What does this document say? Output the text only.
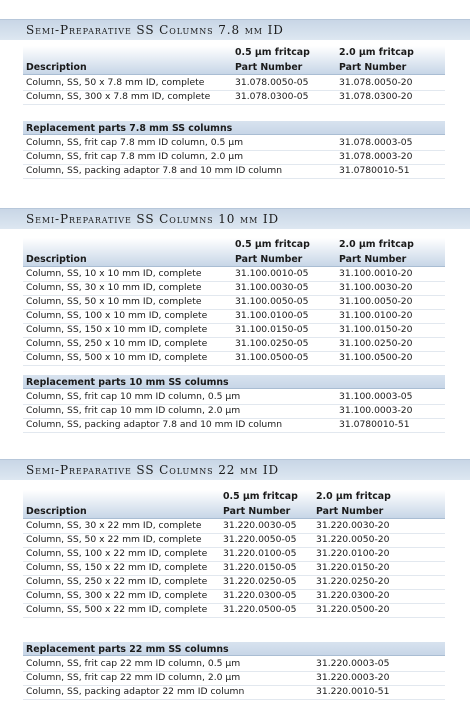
Semi-Preparative SS Columns 7.8 mm ID
0.5 µm fritcap	2.0 µm fritcap
Description	Part Number	Part Number
Column, SS, 50 x 7.8 mm ID, complete	31.078.0050-05	31.078.0050-20
Column, SS, 300 x 7.8 mm ID, complete	31.078.0300-05	31.078.0300-20
Replacement parts 7.8 mm SS columns
Column, SS, frit cap 7.8 mm ID column, 0.5 µm	31.078.0003-05
Column, SS, frit cap 7.8 mm ID column, 2.0 µm	31.078.0003-20
Column, SS, packing adaptor 7.8 and 10 mm ID column	31.0780010-51
Semi-Preparative SS Columns 10 mm ID
0.5 µm fritcap	2.0 µm fritcap
Description	Part Number	Part Number
Column, SS, 10 x 10 mm ID, complete	31.100.0010-05	31.100.0010-20
Column, SS, 30 x 10 mm ID, complete	31.100.0030-05	31.100.0030-20
Column, SS, 50 x 10 mm ID, complete	31.100.0050-05	31.100.0050-20
Column, SS, 100 x 10 mm ID, complete	31.100.0100-05	31.100.0100-20
Column, SS, 150 x 10 mm ID, complete	31.100.0150-05	31.100.0150-20
Column, SS, 250 x 10 mm ID, complete	31.100.0250-05	31.100.0250-20
Column, SS, 500 x 10 mm ID, complete	31.100.0500-05	31.100.0500-20
Replacement parts 10 mm SS columns
Column, SS, frit cap 10 mm ID column, 0.5 µm	31.100.0003-05
Column, SS, frit cap 10 mm ID column, 2.0 µm	31.100.0003-20
Column, SS, packing adaptor 7.8 and 10 mm ID column	31.0780010-51
Semi-Preparative SS Columns 22 mm ID
0.5 µm fritcap 2.0 µm fritcap
Description	Part Number	Part Number
Column, SS, 30 x 22 mm ID, complete 31.220.0030-05 31.220.0030-20
Column, SS, 50 x 22 mm ID, complete 31.220.0050-05 31.220.0050-20
Column, SS, 100 x 22 mm ID, complete 31.220.0100-05 31.220.0100-20
Column, SS, 150 x 22 mm ID, complete 31.220.0150-05 31.220.0150-20
Column, SS, 250 x 22 mm ID, complete 31.220.0250-05 31.220.0250-20
Column, SS, 300 x 22 mm ID, complete 31.220.0300-05 31.220.0300-20
Column, SS, 500 x 22 mm ID, complete 31.220.0500-05 31.220.0500-20
Replacement parts 22 mm SS columns
Column, SS, frit cap 22 mm ID column, 0.5 µm	31.220.0003-05
Column, SS, frit cap 22 mm ID column, 2.0 µm	31.220.0003-20
Column, SS, packing adaptor 22 mm ID column	31.220.0010-51
